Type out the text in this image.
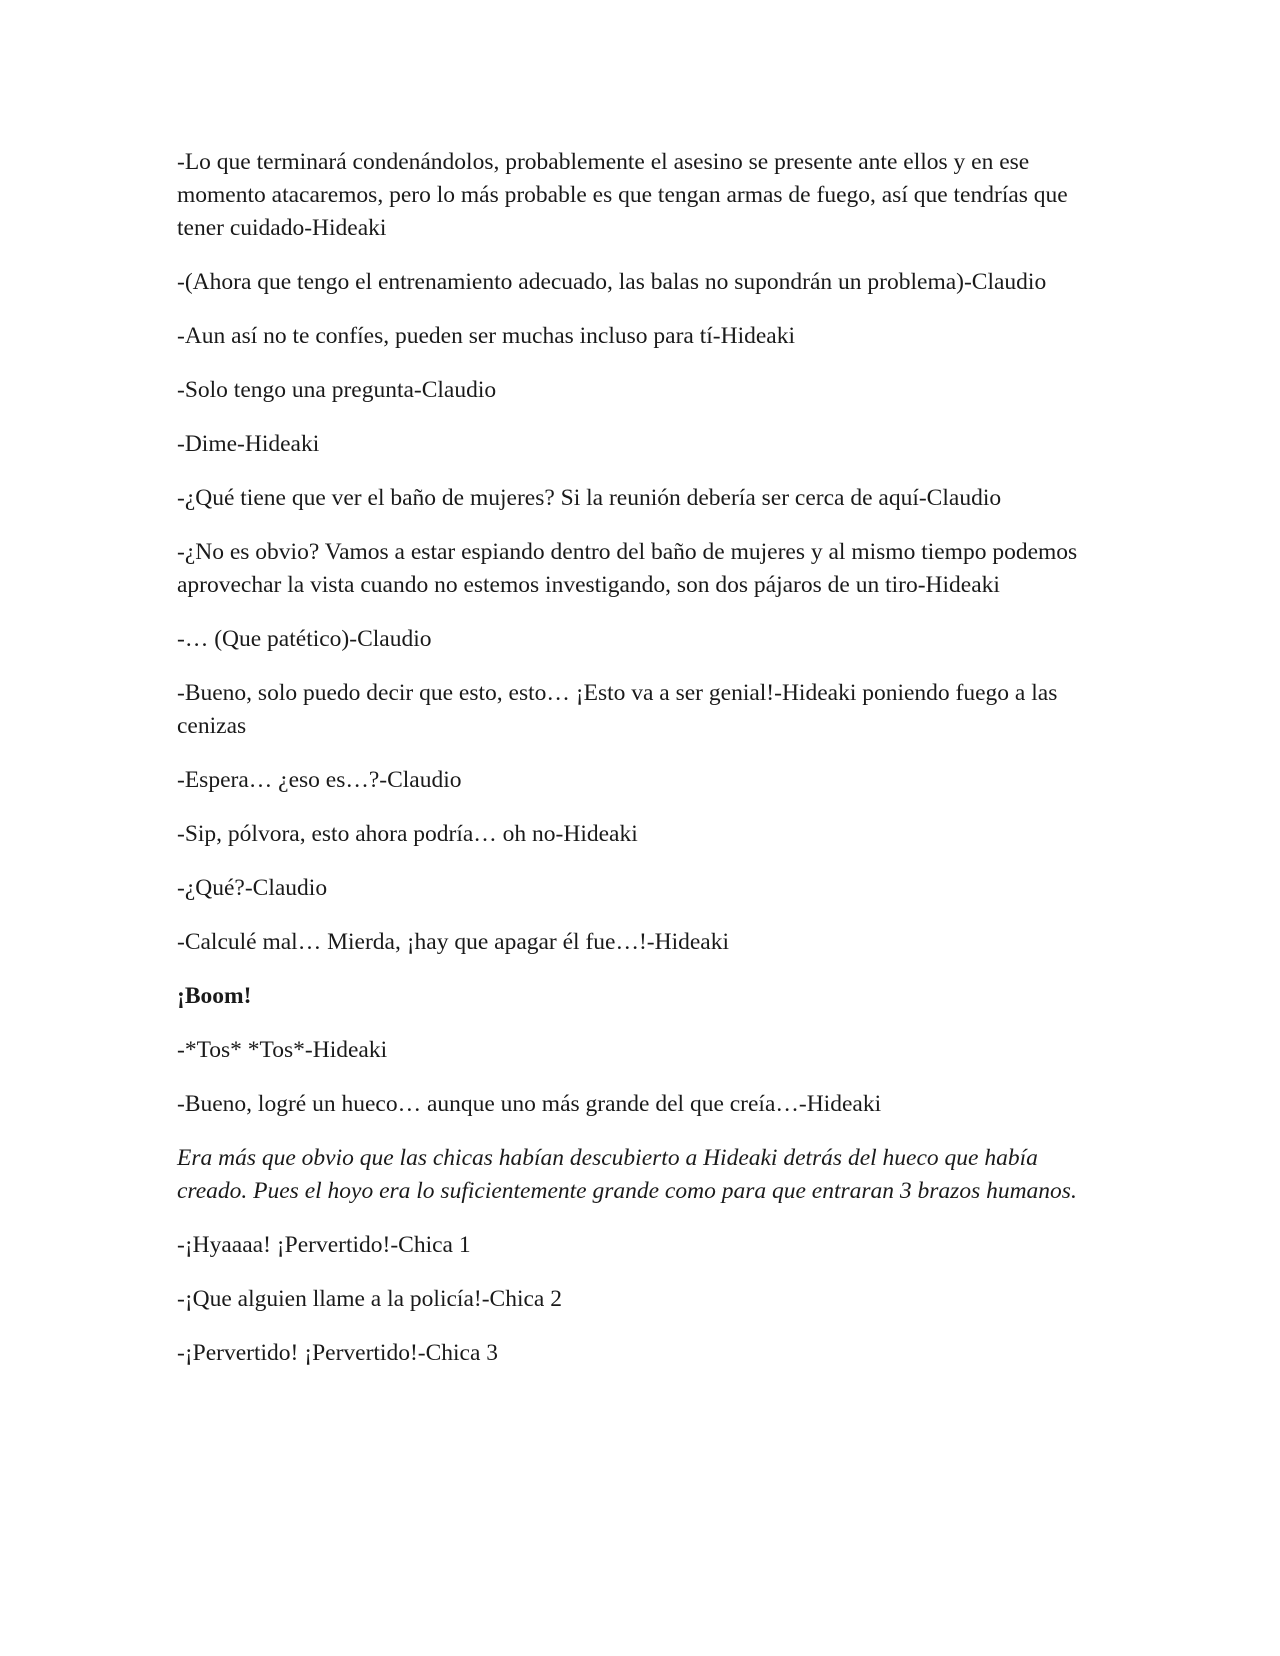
-Lo que terminará condenándolos, probablemente el asesino se presente ante ellos y en ese momento atacaremos, pero lo más probable es que tengan armas de fuego, así que tendrías que tener cuidado-Hideaki

-(Ahora que tengo el entrenamiento adecuado, las balas no supondrán un problema)-Claudio

-Aun así no te confíes, pueden ser muchas incluso para tí-Hideaki

-Solo tengo una pregunta-Claudio

-Dime-Hideaki

-¿Qué tiene que ver el baño de mujeres? Si la reunión debería ser cerca de aquí-Claudio

-¿No es obvio? Vamos a estar espiando dentro del baño de mujeres y al mismo tiempo podemos aprovechar la vista cuando no estemos investigando, son dos pájaros de un tiro-Hideaki

-… (Que patético)-Claudio

-Bueno, solo puedo decir que esto, esto… ¡Esto va a ser genial!-Hideaki poniendo fuego a las cenizas

-Espera… ¿eso es…?-Claudio

-Sip, pólvora, esto ahora podría… oh no-Hideaki

-¿Qué?-Claudio

-Calculé mal… Mierda, ¡hay que apagar él fue…!-Hideaki

¡Boom!

-*Tos* *Tos*-Hideaki

-Bueno, logré un hueco… aunque uno más grande del que creía…-Hideaki

Era más que obvio que las chicas habían descubierto a Hideaki detrás del hueco que había creado. Pues el hoyo era lo suficientemente grande como para que entraran 3 brazos humanos.

-¡Hyaaaa! ¡Pervertido!-Chica 1

-¡Que alguien llame a la policía!-Chica 2

-¡Pervertido! ¡Pervertido!-Chica 3
